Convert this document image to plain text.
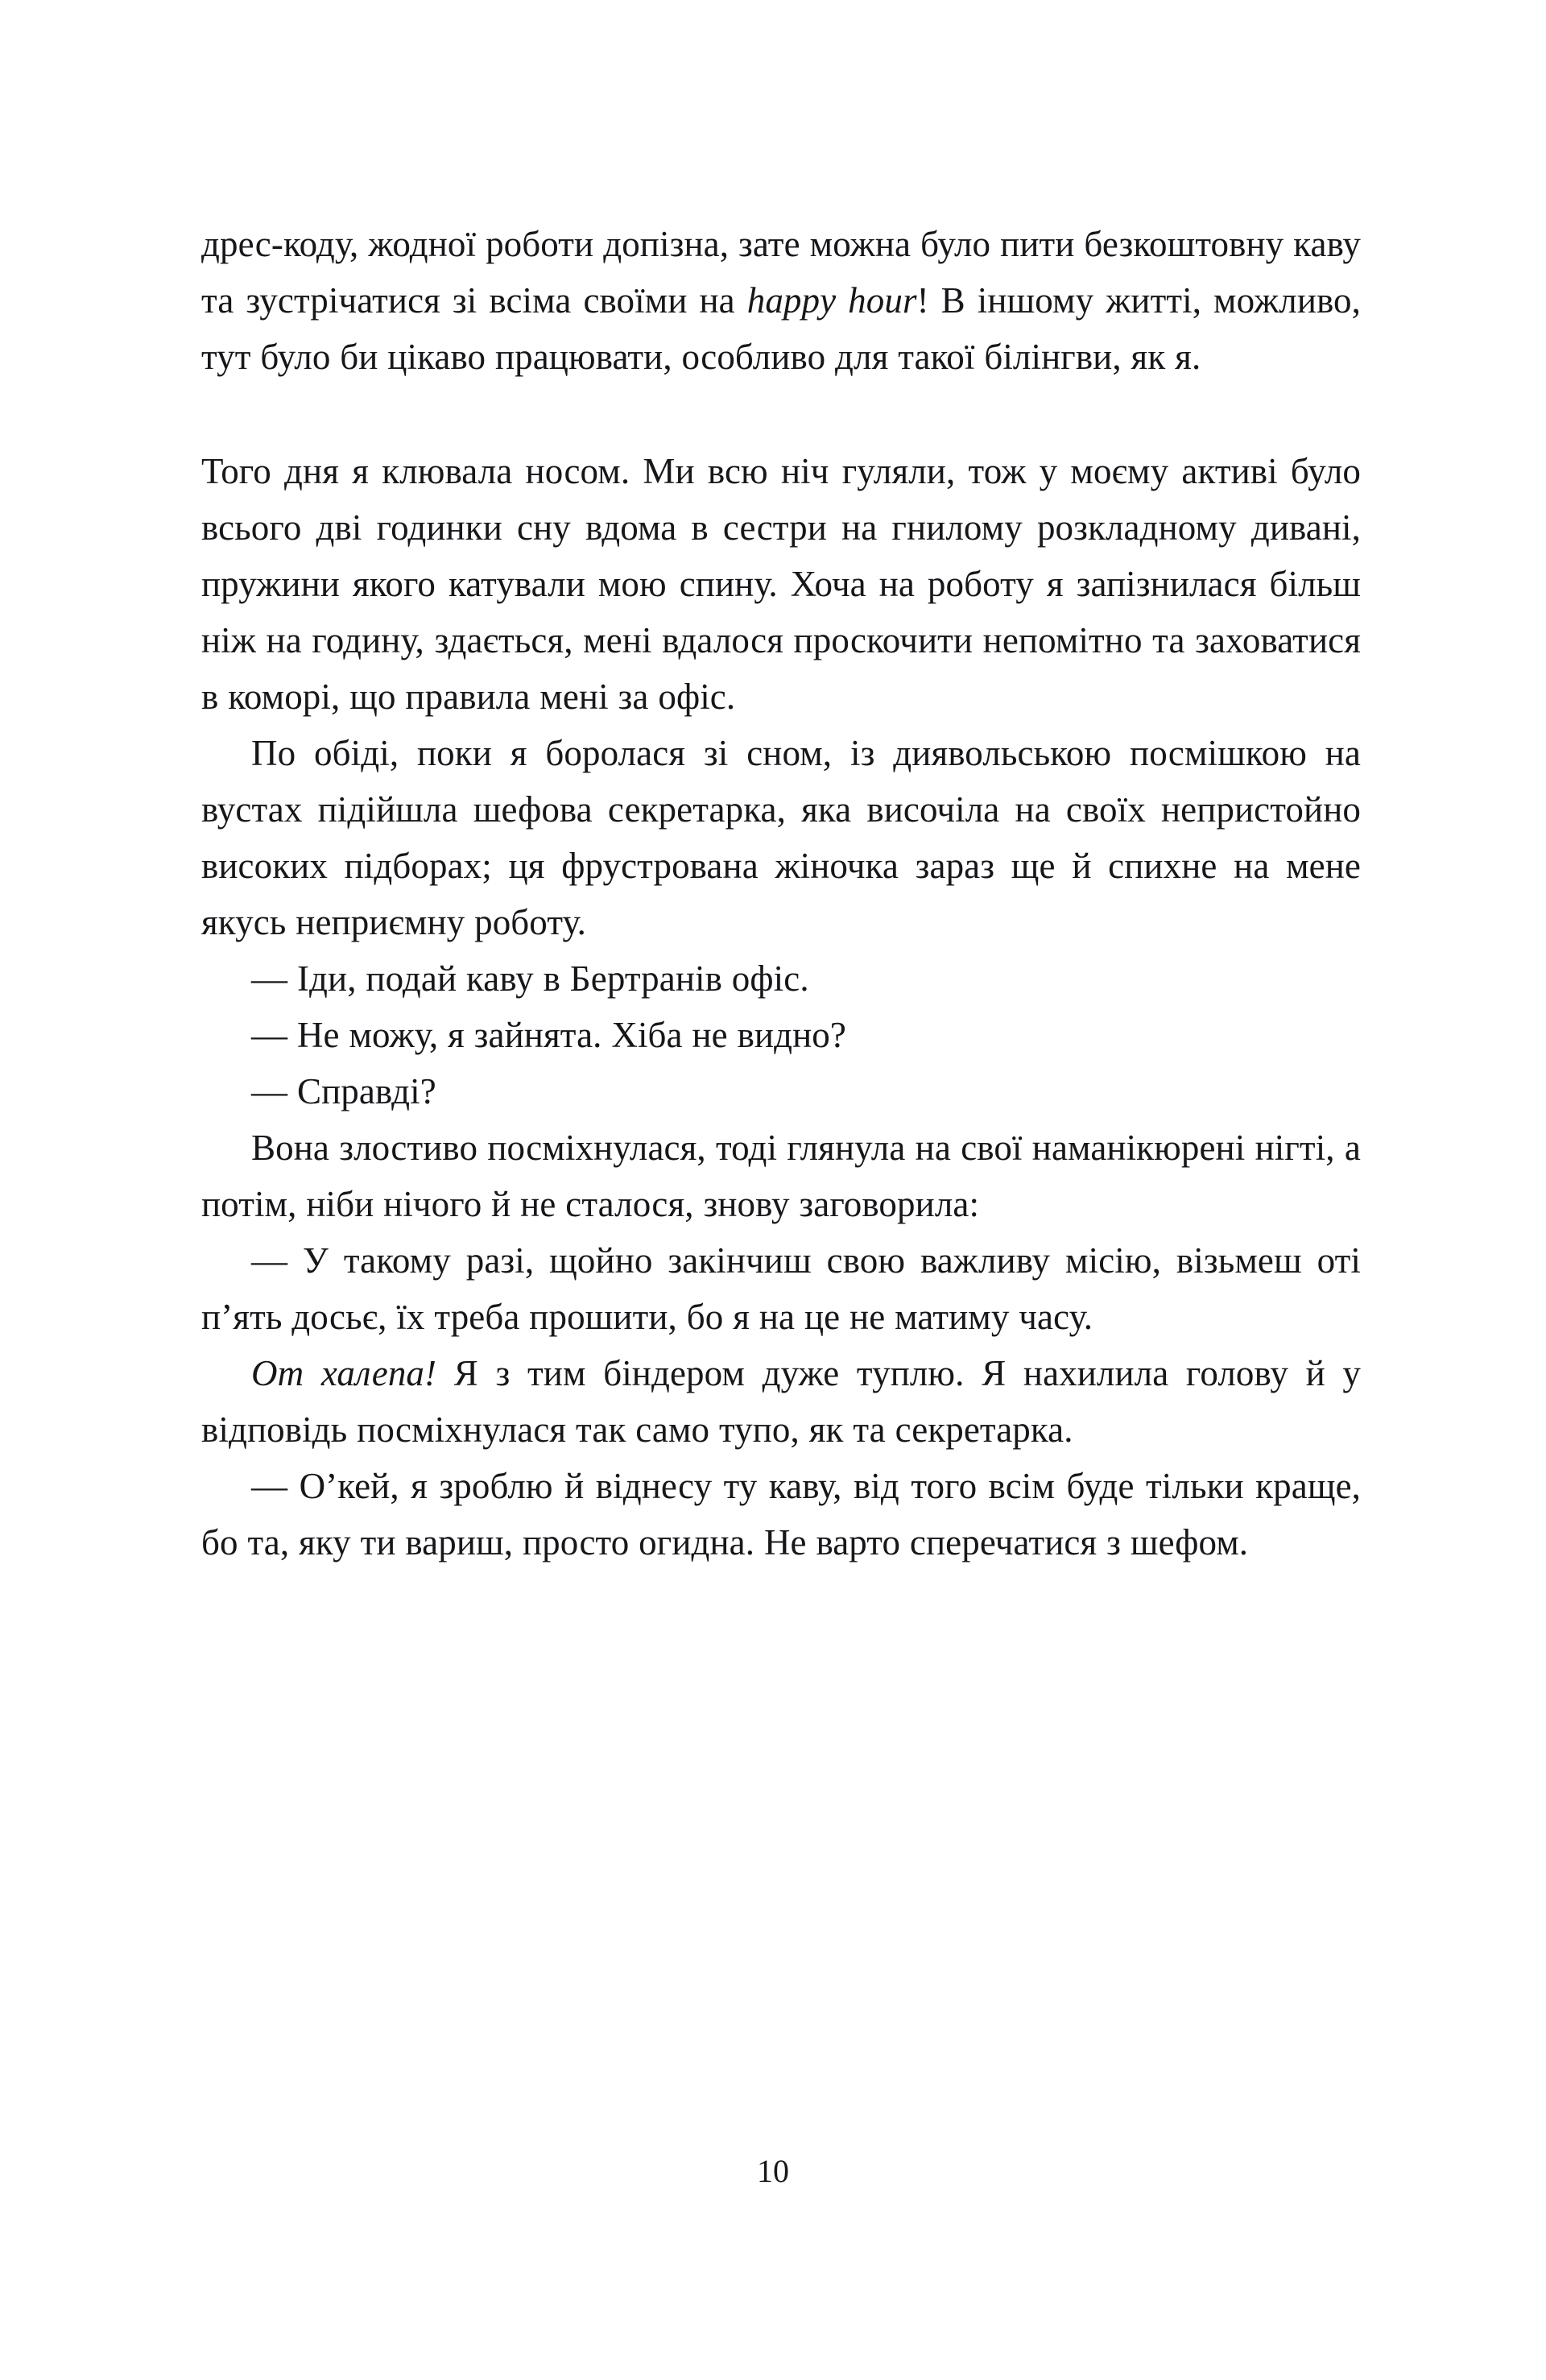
дрес-коду, жодної роботи допізна, зате можна було пити безкоштовну каву та зустрічатися зі всіма своїми на happy hour! В іншому житті, можливо, тут було би цікаво працювати, особливо для такої білінгви, як я.

Того дня я клювала носом. Ми всю ніч гуляли, тож у моєму активі було всього дві годинки сну вдома в сестри на гнилому розкладному дивані, пружини якого катували мою спину. Хоча на роботу я запізнилася більш ніж на годину, здається, мені вдалося проскочити непомітно та заховатися в коморі, що правила мені за офіс.

По обіді, поки я боролася зі сном, із диявольською посмішкою на вустах підійшла шефова секретарка, яка височіла на своїх непристойно високих підборах; ця фрустрована жіночка зараз ще й спихне на мене якусь неприємну роботу.

— Іди, подай каву в Бертранів офіс.

— Не можу, я зайнята. Хіба не видно?

— Справді?

Вона злостиво посміхнулася, тоді глянула на свої наманікюрені нігті, а потім, ніби нічого й не сталося, знову заговорила:

— У такому разі, щойно закінчиш свою важливу місію, візьмеш оті п’ять досьє, їх треба прошити, бо я на це не матиму часу.

От халепа! Я з тим біндером дуже туплю. Я нахилила голову й у відповідь посміхнулася так само тупо, як та секретарка.

— О’кей, я зроблю й віднесу ту каву, від того всім буде тільки краще, бо та, яку ти вариш, просто огидна. Не варто сперечатися з шефом.

10
